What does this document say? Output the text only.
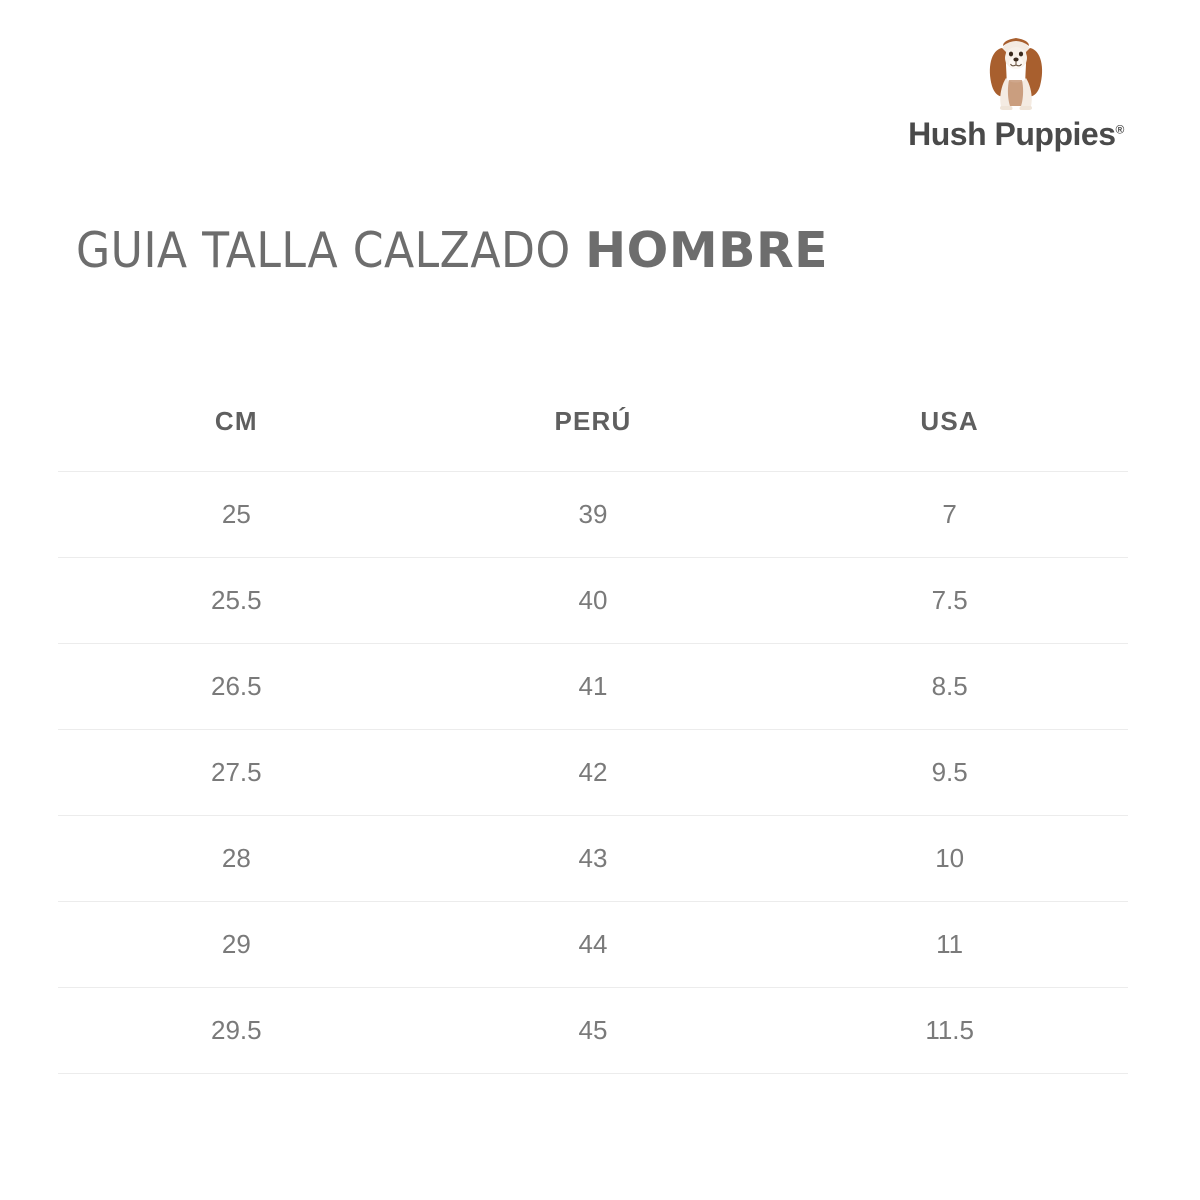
Hush Puppies®
GUIA TALLA CALZADO HOMBRE
CM	PERÚ	USA
25	39	7
25.5	40	7.5
26.5	41	8.5
27.5	42	9.5
28	43	10
29	44	11
29.5	45	11.5
